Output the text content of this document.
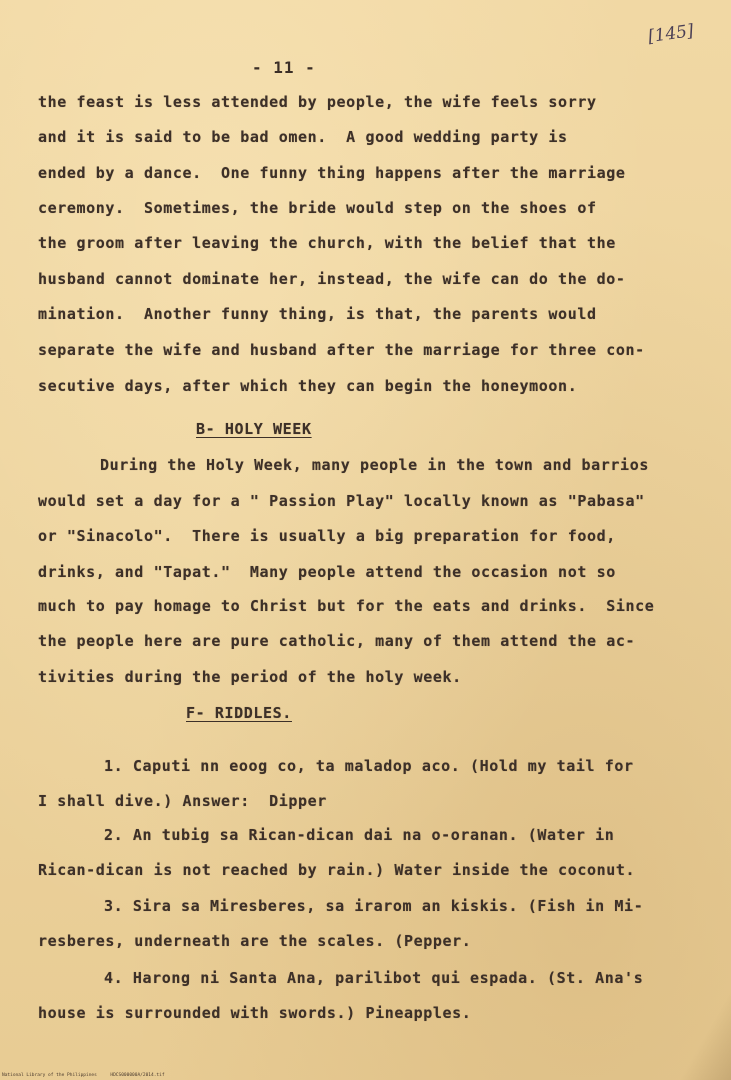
[145]
- 11 -
the feast is less attended by people, the wife feels sorry
and it is said to be bad omen.  A good wedding party is
ended by a dance.  One funny thing happens after the marriage
ceremony.  Sometimes, the bride would step on the shoes of
the groom after leaving the church, with the belief that the
husband cannot dominate her, instead, the wife can do the do-
mination.  Another funny thing, is that, the parents would
separate the wife and husband after the marriage for three con-
secutive days, after which they can begin the honeymoon.
B- HOLY WEEK
During the Holy Week, many people in the town and barrios
would set a day for a " Passion Play" locally known as "Pabasa"
or "Sinacolo".  There is usually a big preparation for food,
drinks, and "Tapat."  Many people attend the occasion not so
much to pay homage to Christ but for the eats and drinks.  Since
the people here are pure catholic, many of them attend the ac-
tivities during the period of the holy week.
F- RIDDLES.
1. Caputi nn eoog co, ta maladop aco. (Hold my tail for
I shall dive.) Answer:  Dipper
2. An tubig sa Rican-dican dai na o-oranan. (Water in
Rican-dican is not reached by rain.) Water inside the coconut.
3. Sira sa Miresberes, sa irarom an kiskis. (Fish in Mi-
resberes, underneath are the scales. (Pepper.
4. Harong ni Santa Ana, parilibot qui espada. (St. Ana's
house is surrounded with swords.) Pineapples.
National Library of the Philippines     HDCS000000A/2014.tif
